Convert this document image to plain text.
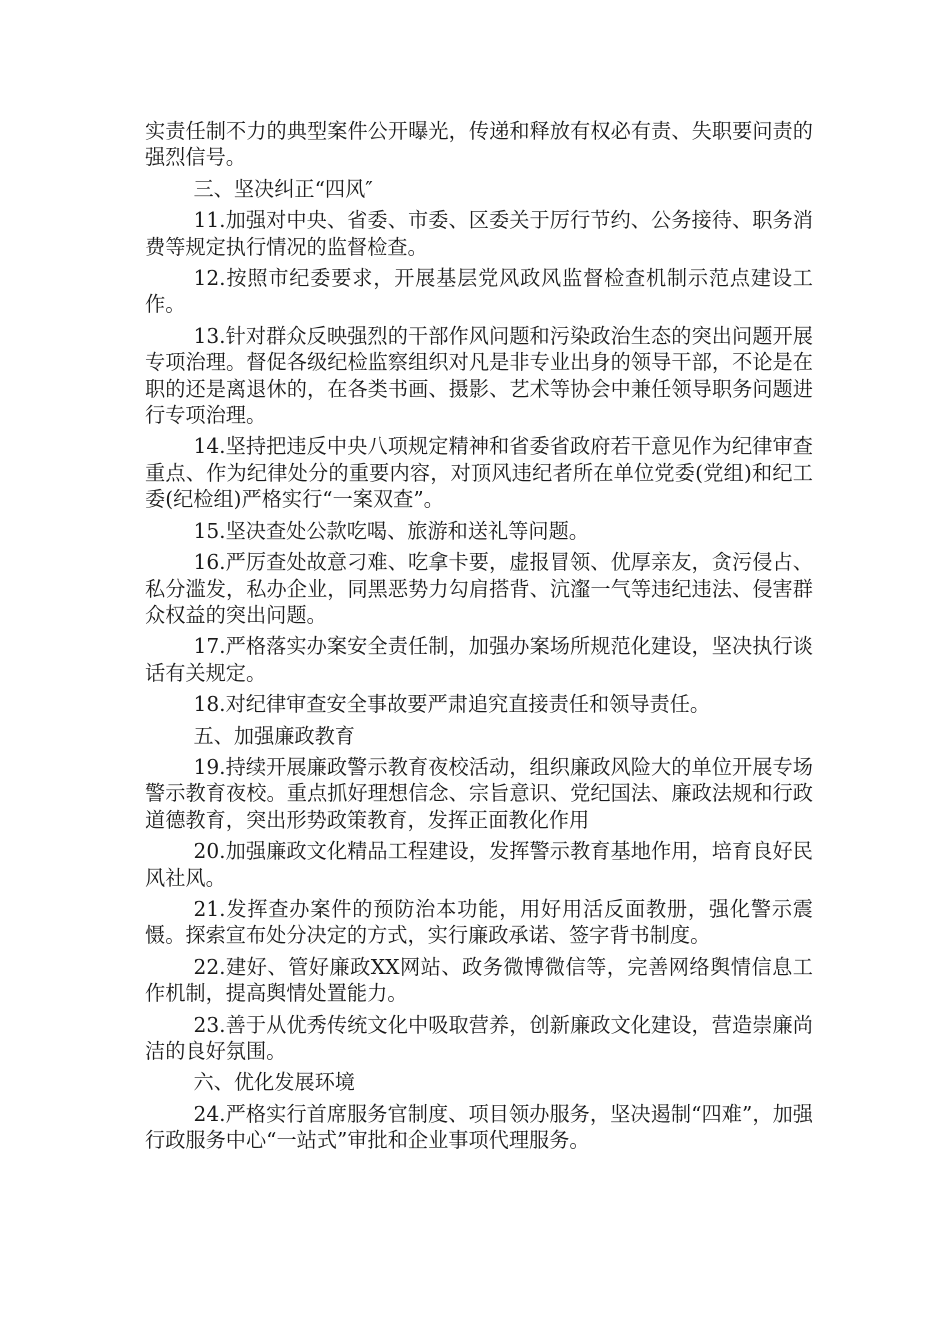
实责任制不力的典型案件公开曝光，传递和释放有权必有责、失职要问责的强烈信号。

三、坚决纠正“四风″

11.加强对中央、省委、市委、区委关于厉行节约、公务接待、职务消费等规定执行情况的监督检查。

12.按照市纪委要求，开展基层党风政风监督检查机制示范点建设工作。

13.针对群众反映强烈的干部作风问题和污染政治生态的突出问题开展专项治理。督促各级纪检监察组织对凡是非专业出身的领导干部，不论是在职的还是离退休的，在各类书画、摄影、艺术等协会中兼任领导职务问题进行专项治理。

14.坚持把违反中央八项规定精神和省委省政府若干意见作为纪律审查重点、作为纪律处分的重要内容，对顶风违纪者所在单位党委(党组)和纪工委(纪检组)严格实行“一案双查”。

15.坚决查处公款吃喝、旅游和送礼等问题。

16.严厉查处故意刁难、吃拿卡要，虚报冒领、优厚亲友，贪污侵占、私分滥发，私办企业，同黑恶势力勾肩搭背、沆瀣一气等违纪违法、侵害群众权益的突出问题。

17.严格落实办案安全责任制，加强办案场所规范化建设，坚决执行谈话有关规定。

18.对纪律审查安全事故要严肃追究直接责任和领导责任。

五、加强廉政教育

19.持续开展廉政警示教育夜校活动，组织廉政风险大的单位开展专场警示教育夜校。重点抓好理想信念、宗旨意识、党纪国法、廉政法规和行政道德教育，突出形势政策教育，发挥正面教化作用

20.加强廉政文化精品工程建设，发挥警示教育基地作用，培育良好民风社风。

21.发挥查办案件的预防治本功能，用好用活反面教册，强化警示震慑。探索宣布处分决定的方式，实行廉政承诺、签字背书制度。

22.建好、管好廉政XX网站、政务微博微信等，完善网络舆情信息工作机制，提高舆情处置能力。

23.善于从优秀传统文化中吸取营养，创新廉政文化建设，营造崇廉尚洁的良好氛围。

六、优化发展环境

24.严格实行首席服务官制度、项目领办服务，坚决遏制“四难”，加强行政服务中心“一站式”审批和企业事项代理服务。
